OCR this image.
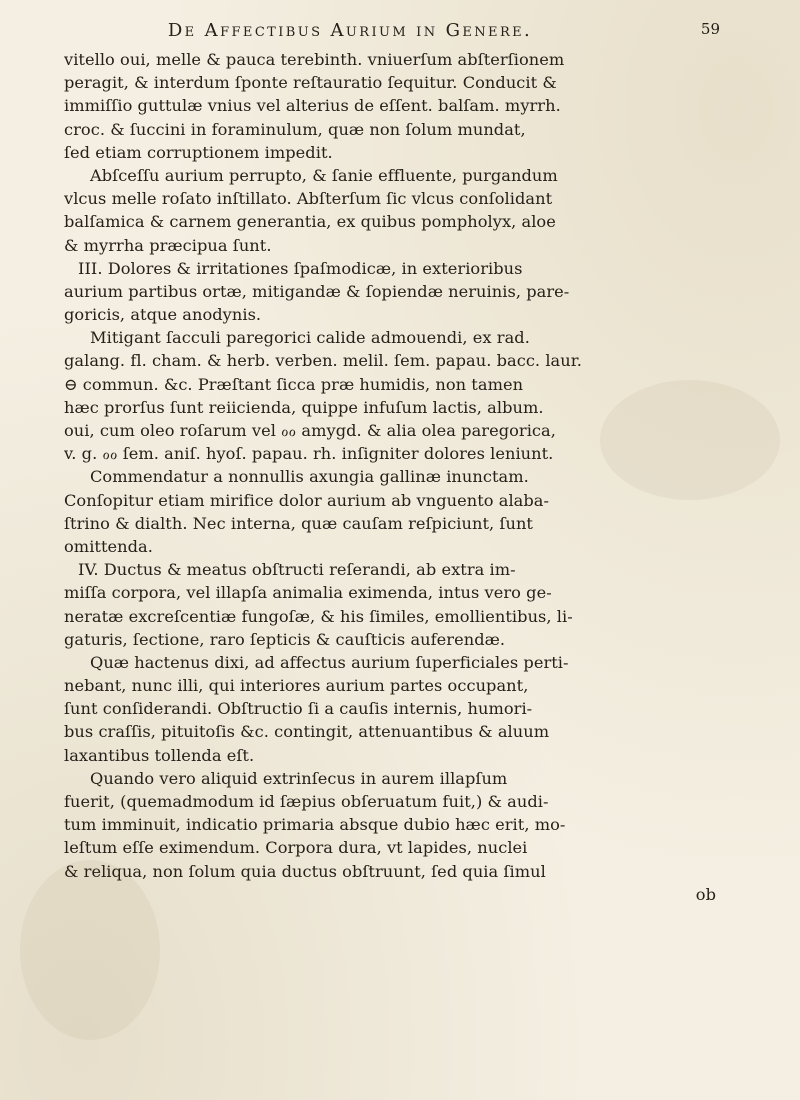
De Affectibus Aurium in Genere.	59
vitello oui, melle & pauca terebinth. vniuerſum abſterſionem
peragit, & interdum ſponte reſtauratio ſequitur. Conducit &
immiſſio guttulæ vnius vel alterius de eſſent. balſam. myrrh.
croc. & ſuccini in foraminulum, quæ non ſolum mundat,
ſed etiam corruptionem impedit.
Abſceſſu aurium perrupto, & ſanie effluente, purgandum
vlcus melle roſato inſtillato. Abſterſum ſic vlcus conſolidant
balſamica & carnem generantia, ex quibus pompholyx, aloe
& myrrha præcipua ſunt.
III. Dolores & irritationes ſpaſmodicæ, in exterioribus
aurium partibus ortæ, mitigandæ & ſopiendæ neruinis, pare-
goricis, atque anodynis.
Mitigant ſacculi paregorici calide admouendi, ex rad.
galang. fl. cham. & herb. verben. melil. ſem. papau. bacc. laur.
⊖ commun. &c. Præſtant ſicca præ humidis, non tamen
hæc prorſus ſunt reiicienda, quippe infuſum lactis, album.
oui, cum oleo roſarum vel ℴℴ amygd. & alia olea paregorica,
v. g. ℴℴ ſem. aniſ. hyoſ. papau. rh. inſigniter dolores leniunt.
Commendatur a nonnullis axungia gallinæ inunctam.
Conſopitur etiam mirifice dolor aurium ab vnguento alaba-
ſtrino & dialth. Nec interna, quæ cauſam reſpiciunt, ſunt
omittenda.
IV. Ductus & meatus obſtructi reſerandi, ab extra im-
miſſa corpora, vel illapſa animalia eximenda, intus vero ge-
neratæ excreſcentiæ fungoſæ, & his ſimiles, emollientibus, li-
gaturis, ſectione, raro ſepticis & cauſticis auferendæ.
Quæ hactenus dixi, ad affectus aurium ſuperficiales perti-
nebant, nunc illi, qui interiores aurium partes occupant,
ſunt conſiderandi. Obſtructio ſi a cauſis internis, humori-
bus craſſis, pituitoſis &c. contingit, attenuantibus & aluum
laxantibus tollenda eſt.
Quando vero aliquid extrinſecus in aurem illapſum
fuerit, (quemadmodum id ſæpius obſeruatum fuit,) & audi-
tum imminuit, indicatio primaria absque dubio hæc erit, mo-
leſtum eſſe eximendum. Corpora dura, vt lapides, nuclei
& reliqua, non ſolum quia ductus obſtruunt, ſed quia ſimul
ob
